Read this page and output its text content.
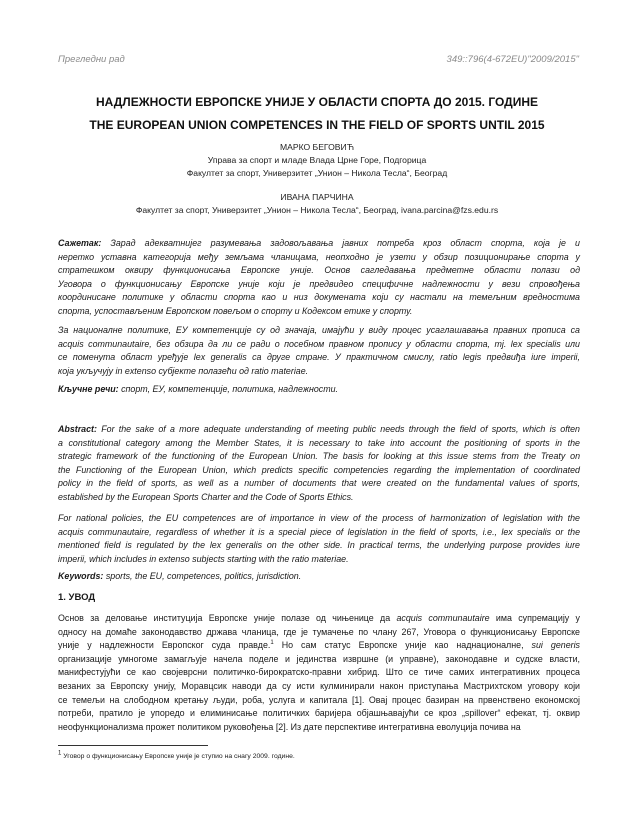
Прегледни рад	349::796(4-672EU)"2009/2015"
НАДЛЕЖНОСТИ ЕВРОПСКЕ УНИЈЕ У ОБЛАСТИ СПОРТА ДО 2015. ГОДИНЕ
THE EUROPEAN UNION COMPETENCES IN THE FIELD OF SPORTS UNTIL 2015
МАРКО БЕГОВИЋ
Управа за спорт и младе Влада Црне Горе, Подгорица
Факултет за спорт, Универзитет „Унион – Никола Тесла“, Београд
ИВАНА ПАРЧИНА
Факултет за спорт, Универзитет „Унион – Никола Тесла“, Београд, ivana.parcina@fzs.edu.rs
Сажетак: Зарад адекватнијег разумевања задовољавања јавних потреба кроз област спорта, која је и
неретко уставна категорија међу земљама чланицама, неопходно је узети у обзир позиционирање спорта у
стратешком оквиру функционисања Европске уније. Основ сагледавања предметне области полази од
Уговора о функционисању Европске уније који је предвидео специфичне надлежности у вези спровођења
координисане политике у области спорта као и низ докумената који су настали на темељним вредностима
спорта, успостављеним Европском повељом о спорту и Кодексом етике у спорту.
За националне политике, ЕУ компетенције су од значаја, имајући у виду процес усаглашавања правних прописа са
acquis communautaire, без обзира да ли се ради о посебном правном пропису у области спорта, тј. lex specialis или
се поменута област уређује lex generalis са друге стране. У практичном смислу, ratio legis предвиђа iure imperii,
која укључују in extenso субјекте полазећи од ratio materiae.
Кључне речи: спорт, ЕУ, компетенције, политика, надлежности.
Abstract: For the sake of a more adequate understanding of meeting public needs through the field of sports, which is often
a constitutional category among the Member States, it is necessary to take into account the positioning of sports in the
strategic framework of the functioning of the European Union. The basis for looking at this issue stems from the Treaty on
the Functioning of the European Union, which predicts specific competencies regarding the implementation of coordinated
policy in the field of sports, as well as a number of documents that were created on the fundamental values of sports,
established by the European Sports Charter and the Code of Sports Ethics.
For national policies, the EU competences are of importance in view of the process of harmonization of legislation with the
acquis communautaire, regardless of whether it is a special piece of legislation in the field of sports, i.e., lex specialis or the
mentioned field is regulated by the lex generalis on the other side. In practical terms, the underlying purpose provides iure
imperii, which includes in extenso subjects starting with the ratio materiae.
Keywords: sports, the EU, competences, politics, jurisdiction.
Основ за деловање институција Европске уније полазе од чињенице да acquis communautaire има супремацију у
односу на домаће законодавство држава чланица, где је тумачење по члану 267, Уговора о функционисању Европске
уније у надлежности Европског суда правде.$^1$ Но сам статус Европске уније као наднационалне, sui generis
организације умногоме замагљује начела поделе и јединства извршне (и управне), законодавне и судске власти,
манифестујући се као својеврсни политичко-бирократско-правни хибрид. Што се тиче самих интегративних процеса
везаних за Европску унију, Моравцсик наводи да су исти кулминирали након приступања Мастрихтском уговору који
се темељи на слободном кретању људи, роба, услуга и капитала [1]. Овај процес базиран на првенствено економској
потреби, пратило је упоредо и елиминисање политичких баријера објашњавајући се кроз „spillover“ ефекат, тј. оквир
неофункционализма прожет политиком руковођења [2]. Из дате перспективе интегративна еволуција почива на
1. УВОД
$^1$ Уговор о функционисању Европске уније је ступио на снагу 2009. године.
